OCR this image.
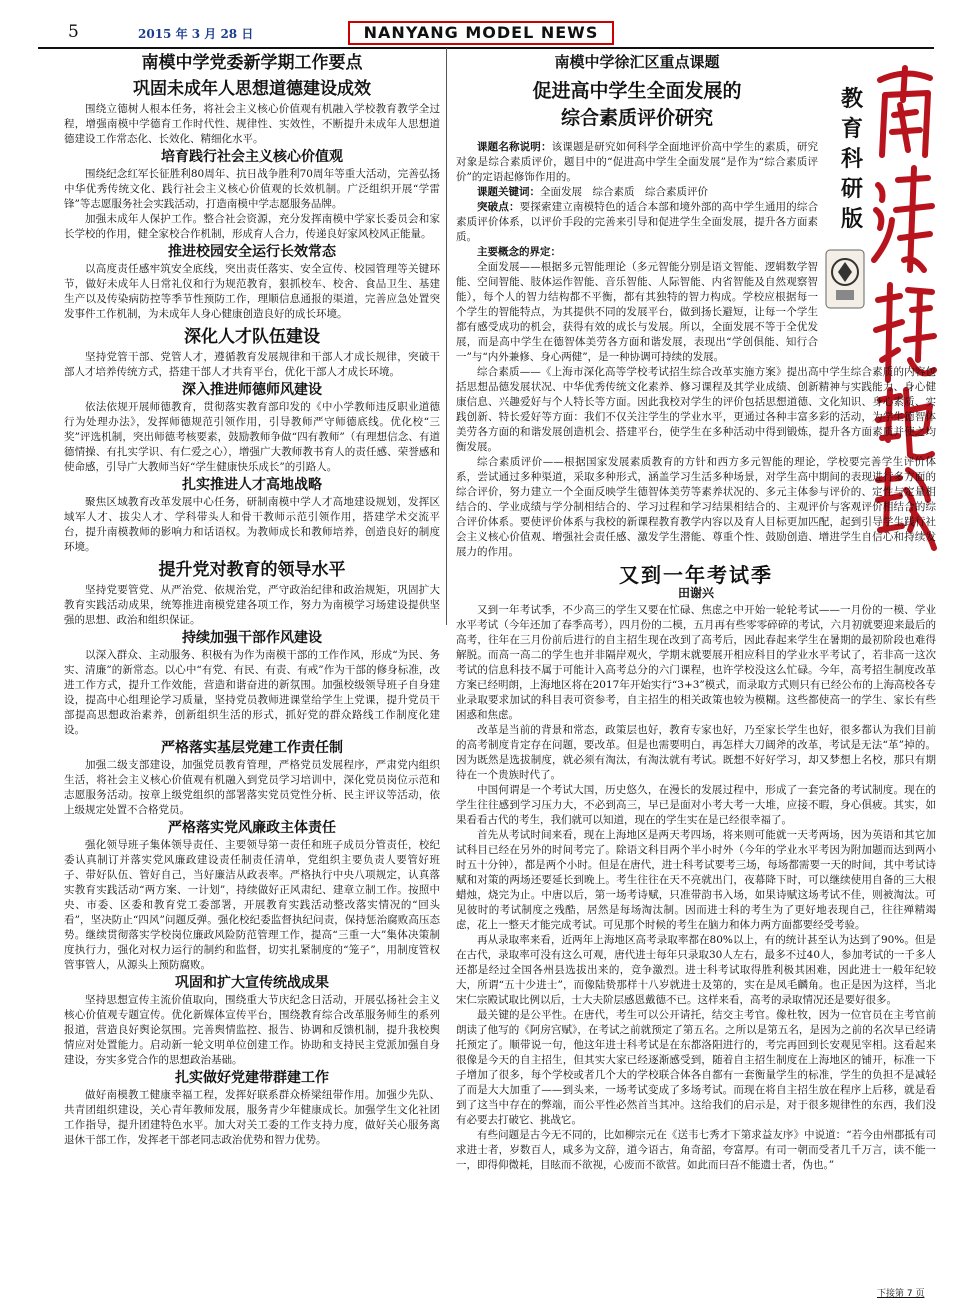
5	2015 年 3 月 28 日	NANYANG MODEL NEWS
教
育
科
研
版
南模中学党委新学期工作要点
巩固未成年人思想道德建设成效

围绕立德树人根本任务，将社会主义核心价值观有机融入学校教育教学全过程，增强南模中学德育工作时代性、规律性、实效性，不断提升未成年人思想道德建设工作常态化、长效化、精细化水平。

培育践行社会主义核心价值观

围绕纪念红军长征胜利80周年、抗日战争胜利70周年等重大活动，完善弘扬中华优秀传统文化、践行社会主义核心价值观的长效机制。广泛组织开展“学雷锋”等志愿服务社会实践活动，打造南模中学志愿服务品牌。

加强未成年人保护工作。整合社会资源，充分发挥南模中学家长委员会和家长学校的作用，健全家校合作机制，形成育人合力，传递良好家风校风正能量。

推进校园安全运行长效常态

以高度责任感牢筑安全底线，突出责任落实、安全宣传、校园管理等关键环节，做好未成年人日常礼仪和行为规范教育，狠抓校车、校舍、食品卫生、基建生产以及传染病防控等季节性预防工作，理顺信息通报的渠道，完善应急处置突发事件工作机制，为未成年人身心健康创造良好的成长环境。

深化人才队伍建设

坚持党管干部、党管人才，遵循教育发展规律和干部人才成长规律，突破干部人才培养传统方式，搭建干部人才共育平台，优化干部人才成长环境。

深入推进师德师风建设

依法依规开展师德教育，贯彻落实教育部印发的《中小学教师违反职业道德行为处理办法》，发挥师德规范引领作用，引导教师严守师德底线。优化校“三奖”评选机制，突出师德考核要素，鼓励教师争做“四有教师”（有理想信念、有道德情操、有扎实学识、有仁爱之心），增强广大教师教书育人的责任感、荣誉感和使命感，引导广大教师当好“学生健康快乐成长”的引路人。

扎实推进人才高地战略

聚焦区域教育改革发展中心任务，研制南模中学人才高地建设规划，发挥区域军人才、拔尖人才、学科带头人和骨干教师示范引领作用，搭建学术交流平台，提升南模教师的影响力和话语权。为教师成长和教师培养，创造良好的制度环境。

提升党对教育的领导水平

坚持党要管党、从严治党、依规治党，严守政治纪律和政治规矩，巩固扩大教育实践活动成果，统筹推进南模党建各项工作，努力为南模学习场建设提供坚强的思想、政治和组织保证。

持续加强干部作风建设

以深入群众、主动服务、积极有为作为南模干部的工作作风，形成“为民、务实、清廉”的新常态。以心中“有党、有民、有责、有戒”作为干部的修身标准，改进工作方式，提升工作效能，营造和谐奋进的新氛围。加强校级领导班子自身建设，提高中心组理论学习质量，坚持党员教师进课堂给学生上党课，提升党员干部提高思想政治素养，创新组织生活的形式，抓好党的群众路线工作制度化建设。

严格落实基层党建工作责任制

加强二级支部建设，加强党员教育管理，严格党员发展程序，严肃党内组织生活，将社会主义核心价值观有机融入到党员学习培训中，深化党员岗位示范和志愿服务活动。按章上级党组织的部署落实党员党性分析、民主评议等活动，依上级规定处置不合格党员。

严格落实党风廉政主体责任

强化领导班子集体领导责任、主要领导第一责任和班子成员分管责任，校纪委认真制订并落实党风廉政建设责任制责任清单，党组织主要负责人要管好班子、带好队伍、管好自己，当好廉洁从政表率。严格执行中央八项规定，认真落实教育实践活动“两方案、一计划”，持续做好正风肃纪、建章立制工作。按照中央、市委、区委和教育党工委部署，开展教育实践活动整改落实情况的“回头看”，坚决防止“四风”问题反弹。强化校纪委监督执纪问责，保持惩治腐败高压态势。继续贯彻落实学校岗位廉政风险防范管理工作，提高“三重一大”集体决策制度执行力，强化对权力运行的制约和监督，切实扎紧制度的“笼子”，用制度管权管事管人，从源头上预防腐败。

巩固和扩大宣传统战成果

坚持思想宣传主流价值取向，围绕重大节庆纪念日活动，开展弘扬社会主义核心价值观专题宣传。优化新媒体宣传平台，围绕教育综合改革服务师生的系列报道，营造良好舆论氛围。完善舆情监控、报告、协调和反馈机制，提升我校舆情应对处置能力。启动新一轮文明单位创建工作。协助和支持民主党派加强自身建设，夯实多党合作的思想政治基础。

扎实做好党建带群建工作

做好南模教工健康幸福工程，发挥好联系群众桥梁纽带作用。加强少先队、共青团组织建设，关心青年教师发展，服务青少年健康成长。加强学生文化社团工作指导，提升团建特色水平。加大对关工委的工作支持力度，做好关心服务离退休干部工作，发挥老干部老同志政治优势和智力优势。

南模中学徐汇区重点课题
促进高中学生全面发展的
综合素质评价研究

课题名称说明：该课题是研究如何科学全面地评价高中学生的素质，研究对象是综合素质评价，题目中的“促进高中学生全面发展”是作为“综合素质评价”的定语起修饰作用的。

课题关键词：全面发展　综合素质　综合素质评价

突破点：要探索建立南模特色的适合本部和境外部的高中学生通用的综合素质评价体系，以评价手段的完善来引导和促进学生全面发展，提升各方面素质。

主要概念的界定：

全面发展——根据多元智能理论（多元智能分别是语文智能、逻辑数学智能、空间智能、肢体运作智能、音乐智能、人际智能、内省智能及自然观察智能），每个人的智力结构都不平衡，都有其独特的智力构成。学校应根据每一个学生的智能特点，为其提供不同的发展平台，做到扬长避短，让每一个学生都有感受成功的机会，获得有效的成长与发展。所以，全面发展不等于全优发展，而是高中学生在德智体美劳各方面和谐发展，表现出“学创俱能、知行合一”与“内外兼修、身心两健”，是一种协调可持续的发展。

综合素质——《上海市深化高等学校考试招生综合改革实施方案》提出高中学生综合素质的内容包括思想品德发展状况、中华优秀传统文化素养、修习课程及其学业成绩、创新精神与实践能力、身心健康信息、兴趣爱好与个人特长等方面。因此我校对学生的评价包括思想道德、文化知识、身心素质、实践创新、特长爱好等方面：我们不仅关注学生的学业水平，更通过各种丰富多彩的活动，为学生德智体美劳各方面的和谐发展创造机会、搭建平台，使学生在多种活动中得到锻炼，提升各方面素质并使之均衡发展。

综合素质评价——根据国家发展素质教育的方针和西方多元智能的理论，学校要完善学生评价体系，尝试通过多种渠道，采取多种形式，涵盖学习生活多种场景，对学生高中期间的表现进行多方面的综合评价，努力建立一个全面反映学生德智体美劳等素养状况的、多元主体参与评价的、定性与定量相结合的、学业成绩与学分制相结合的、学习过程和学习结果相结合的、主观评价与客观评价相结合的综合评价体系。要使评价体系与我校的新课程教育教学内容以及育人目标更加匹配，起到引导学生践行社会主义核心价值观、增强社会责任感、激发学生潜能、尊重个性、鼓励创造、增进学生自信心和持续发展力的作用。

又到一年考试季
田谢兴

又到一年考试季，不少高三的学生又要在忙碌、焦虑之中开始一轮轮考试——一月份的一模、学业水平考试（今年还加了春季高考），四月份的二模，五月再有些零零碎碎的考试，六月初就要迎来最后的高考，往年在三月份前后进行的自主招生现在改到了高考后，因此春起来学生在暑期的最初阶段也难得解脱。而高一高二的学生也并非隔岸观火，学期末就要展开相应科目的学业水平考试了，若非高一这次考试的信息科技不属于可能计入高考总分的六门课程，也许学校没这么忙碌。今年，高考招生制度改革方案已经明朗，上海地区将在2017年开始实行“3+3”模式，而录取方式则只有已经公布的上海高校各专业录取要求加试的科目表可资参考，自主招生的相关政策也较为模糊。这些都使高一的学生、家长有些困惑和焦虑。

改革是当前的背景和常态，政策层也好，教育专家也好，乃至家长学生也好，很多都认为我们目前的高考制度肯定存在问题，要改革。但是也需要明白，再怎样大刀阔斧的改革，考试是无法“革”掉的。因为既然是选拔制度，就必须有淘汰，有淘汰就有考试。既想不好好学习，却又梦想上名校，那只有期待在一个贵族时代了。

中国何谓是一个考试大国，历史悠久，在漫长的发展过程中，形成了一套完备的考试制度。现在的学生往往感到学习压力大，不必到高三，早已是面对小考大考一大堆，应接不暇，身心俱疲。其实，如果看看古代的考生，我们就可以知道，现在的学生实在是已经很幸福了。

首先从考试时间来看，现在上海地区是两天考四场，将来则可能就一天考两场，因为英语和其它加试科目已经在另外的时间考完了。除语文科目两个半小时外（今年的学业水平考因为附加题而达到两小时五十分钟），都是两个小时。但是在唐代，进士科考试要考三场，每场都需要一天的时间，其中考试诗赋和对策的两场还要延长到晚上。考生往往在天不亮就出门，夜幕降下时，可以继续使用自备的三大根蜡烛，烧完为止。中唐以后，第一场考诗赋，只准带韵书入场，如果诗赋这场考试不佳，则被淘汰。可见彼时的考试制度之残酷，居然是每场淘汰制。因而进士科的考生为了更好地表现自己，往往殚精竭虑，花上一整天才能完成考试。可见那个时候的考生在脑力和体力两方面都要经受考验。

再从录取率来看，近两年上海地区高考录取率都在80%以上，有的统计甚至认为达到了90%。但是在古代，录取率可没有这么可观，唐代进士每年只录取30人左右，最多不过40人，参加考试的一千多人还都是经过全国各州县选拔出来的，竞争激烈。进士科考试取得胜利极其困难，因此进士一般年纪较大，所谓“五十少进士”，而像陆贽那样十八岁就进士及第的，实在是凤毛麟角。也正是因为这样，当北宋仁宗殿试取比例以后，士大夫阶层感恩戴德不已。这样来看，高考的录取情况还是要好很多。

最关键的是公平性。在唐代，考生可以公开请托，结交主考官。像杜牧，因为一位官员在主考官前朗读了他写的《阿房宫赋》，在考试之前就预定了第五名。之所以是第五名，是因为之前的名次早已经请托预定了。顺带说一句，他这年进士科考试是在东都洛阳进行的，考完再回到长安观见宰相。这看起来很像是今天的自主招生，但其实大家已经逐渐感受到，随着自主招生制度在上海地区的铺开，标准一下子增加了很多，每个学校或者几个大的学校联合体各自都有一套衡量学生的标准，学生的负担不是减轻了而是大大加重了——到头来，一场考试变成了多场考试。而现在将自主招生放在程序上后移，就是看到了这当中存在的弊端，而公平性必然首当其冲。这给我们的启示是，对于很多规律性的东西，我们没有必要去打破它、挑战它。

有些问题是古今无不同的，比如柳宗元在《送韦七秀才下第求益友序》中说道：“若今由州郡抵有司求进士者，岁数百人，咸多为文辞，道今语古，角奇韶，夸富厚。有司一朝而受者几千万言，读不能一一，即得仰微耗，目眩而不欲视，心废而不欲营。如此而曰吾不能遗士者，伪也。”

下接第 7 页
